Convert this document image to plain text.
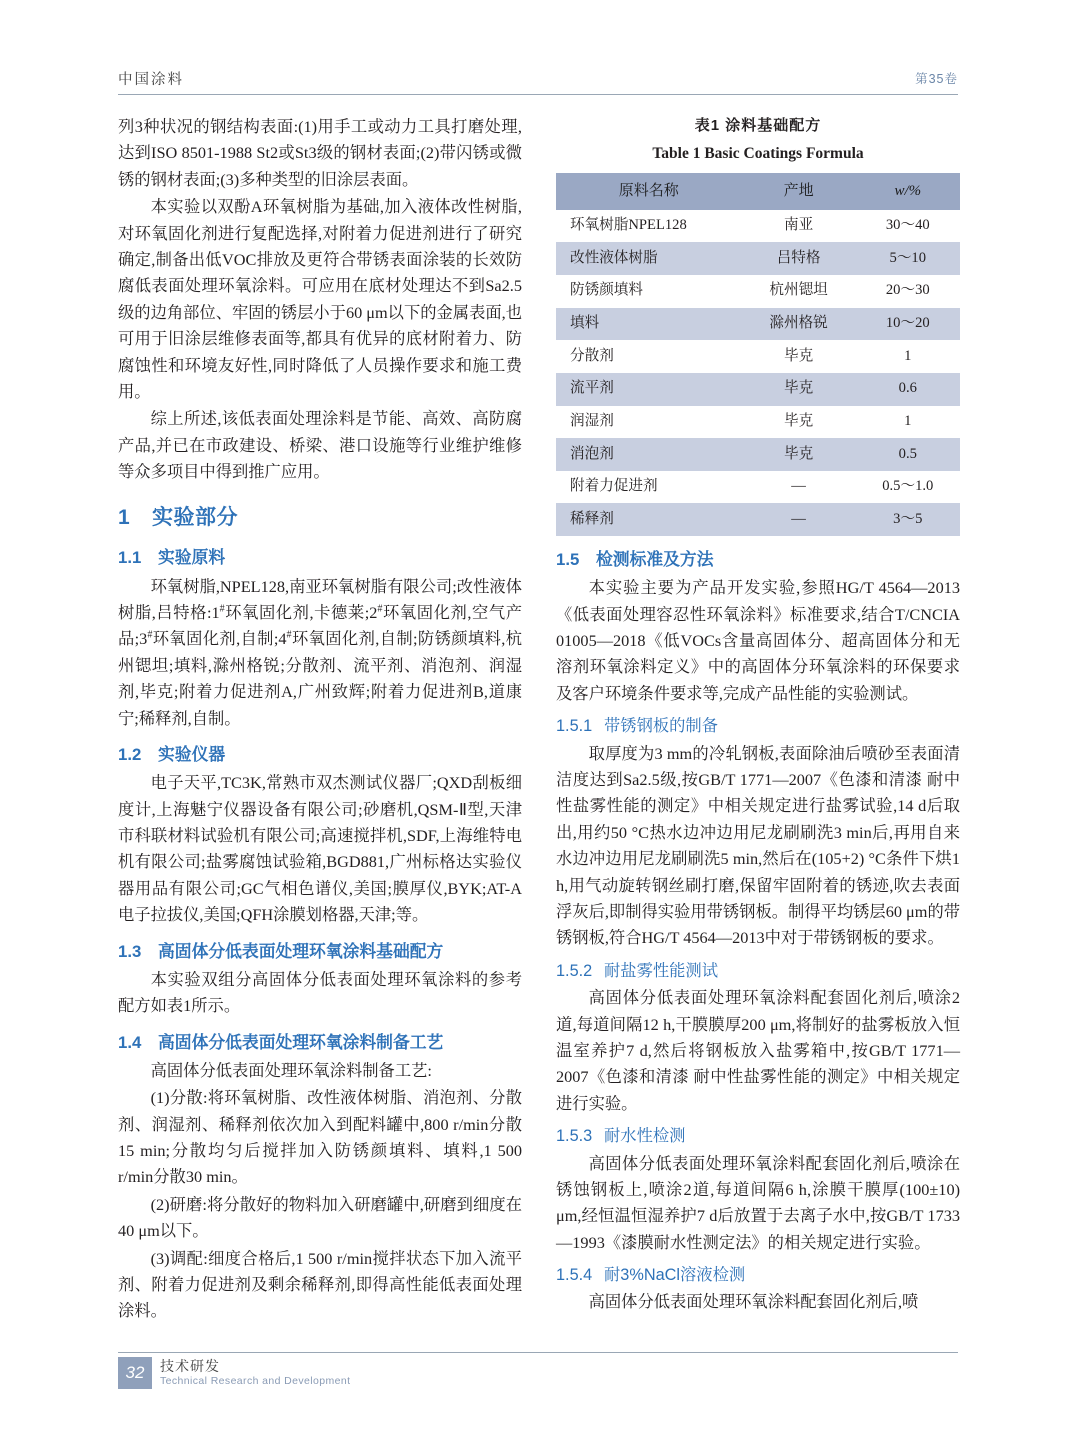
中国涂料	第35卷

列3种状况的钢结构表面:(1)用手工或动力工具打磨处理,达到ISO 8501-1988 St2或St3级的钢材表面;(2)带闪锈或微锈的钢材表面;(3)多种类型的旧涂层表面。

本实验以双酚A环氧树脂为基础,加入液体改性树脂,对环氧固化剂进行复配选择,对附着力促进剂进行了研究确定,制备出低VOC排放及更符合带锈表面涂装的长效防腐低表面处理环氧涂料。可应用在底材处理达不到Sa2.5级的边角部位、牢固的锈层小于60 μm以下的金属表面,也可用于旧涂层维修表面等,都具有优异的底材附着力、防腐蚀性和环境友好性,同时降低了人员操作要求和施工费用。

综上所述,该低表面处理涂料是节能、高效、高防腐产品,并已在市政建设、桥梁、港口设施等行业维护维修等众多项目中得到推广应用。

1 实验部分
1.1 实验原料

环氧树脂,NPEL128,南亚环氧树脂有限公司;改性液体树脂,吕特格:1#环氧固化剂,卡德莱;2#环氧固化剂,空气产品;3#环氧固化剂,自制;4#环氧固化剂,自制;防锈颜填料,杭州锶坦;填料,滁州格锐;分散剂、流平剂、消泡剂、润湿剂,毕克;附着力促进剂A,广州致辉;附着力促进剂B,道康宁;稀释剂,自制。

1.2 实验仪器

电子天平,TC3K,常熟市双杰测试仪器厂;QXD刮板细度计,上海魅宁仪器设备有限公司;砂磨机,QSM-Ⅱ型,天津市科联材料试验机有限公司;高速搅拌机,SDF,上海维特电机有限公司;盐雾腐蚀试验箱,BGD881,广州标格达实验仪器用品有限公司;GC气相色谱仪,美国;膜厚仪,BYK;AT-A电子拉拔仪,美国;QFH涂膜划格器,天津;等。

1.3 高固体分低表面处理环氧涂料基础配方

本实验双组分高固体分低表面处理环氧涂料的参考配方如表1所示。

1.4 高固体分低表面处理环氧涂料制备工艺

高固体分低表面处理环氧涂料制备工艺:

(1)分散:将环氧树脂、改性液体树脂、消泡剂、分散剂、润湿剂、稀释剂依次加入到配料罐中,800 r/min分散15 min;分散均匀后搅拌加入防锈颜填料、填料,1 500 r/min分散30 min。

(2)研磨:将分散好的物料加入研磨罐中,研磨到细度在40 μm以下。

(3)调配:细度合格后,1 500 r/min搅拌状态下加入流平剂、附着力促进剂及剩余稀释剂,即得高性能低表面处理涂料。

表1 涂料基础配方
Table 1 Basic Coatings Formula
原料名称	产地	w/%
环氧树脂NPEL128	南亚	30～40
改性液体树脂	吕特格	5～10
防锈颜填料	杭州锶坦	20～30
填料	滁州格锐	10～20
分散剂	毕克	1
流平剂	毕克	0.6
润湿剂	毕克	1
消泡剂	毕克	0.5
附着力促进剂	—	0.5～1.0
稀释剂	—	3～5
1.5 检测标准及方法

本实验主要为产品开发实验,参照HG/T 4564—2013《低表面处理容忍性环氧涂料》标准要求,结合T/CNCIA 01005—2018《低VOCs含量高固体分、超高固体分和无溶剂环氧涂料定义》中的高固体分环氧涂料的环保要求及客户环境条件要求等,完成产品性能的实验测试。

1.5.1 带锈钢板的制备

取厚度为3 mm的冷轧钢板,表面除油后喷砂至表面清洁度达到Sa2.5级,按GB/T 1771—2007《色漆和清漆 耐中性盐雾性能的测定》中相关规定进行盐雾试验,14 d后取出,用约50 °C热水边冲边用尼龙刷刷洗3 min后,再用自来水边冲边用尼龙刷刷洗5 min,然后在(105+2) °C条件下烘1 h,用气动旋转钢丝刷打磨,保留牢固附着的锈迹,吹去表面浮灰后,即制得实验用带锈钢板。制得平均锈层60 μm的带锈钢板,符合HG/T 4564—2013中对于带锈钢板的要求。

1.5.2 耐盐雾性能测试

高固体分低表面处理环氧涂料配套固化剂后,喷涂2道,每道间隔12 h,干膜膜厚200 μm,将制好的盐雾板放入恒温室养护7 d,然后将钢板放入盐雾箱中,按GB/T 1771—2007《色漆和清漆 耐中性盐雾性能的测定》中相关规定进行实验。

1.5.3 耐水性检测

高固体分低表面处理环氧涂料配套固化剂后,喷涂在锈蚀钢板上,喷涂2道,每道间隔6 h,涂膜干膜厚(100±10) μm,经恒温恒湿养护7 d后放置于去离子水中,按GB/T 1733—1993《漆膜耐水性测定法》的相关规定进行实验。

1.5.4 耐3%NaCl溶液检测

高固体分低表面处理环氧涂料配套固化剂后,喷

32	技术研发
Technical Research and Development
